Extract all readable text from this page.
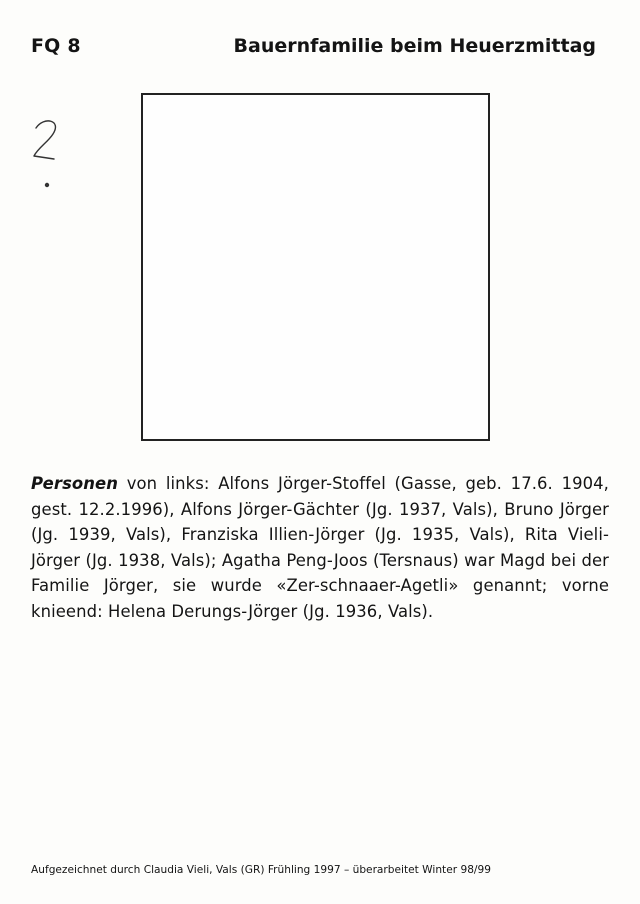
FQ 8	Bauernfamilie beim Heuerzmittag
Personen von links: Alfons Jörger-Stoffel (Gasse, geb. 17.6. 1904, gest. 12.2.1996), Alfons Jörger-Gächter (Jg. 1937, Vals), Bruno Jörger (Jg. 1939, Vals), Franziska Illien-Jörger (Jg. 1935, Vals), Rita Vieli-Jörger (Jg. 1938, Vals); Agatha Peng-Joos (Tersnaus) war Magd bei der Familie Jörger, sie wurde «Zer-schnaaer-Agetli» genannt; vorne knieend: Helena Derungs-Jörger (Jg. 1936, Vals).
Aufgezeichnet durch Claudia Vieli, Vals (GR) Frühling 1997 – überarbeitet Winter 98/99
